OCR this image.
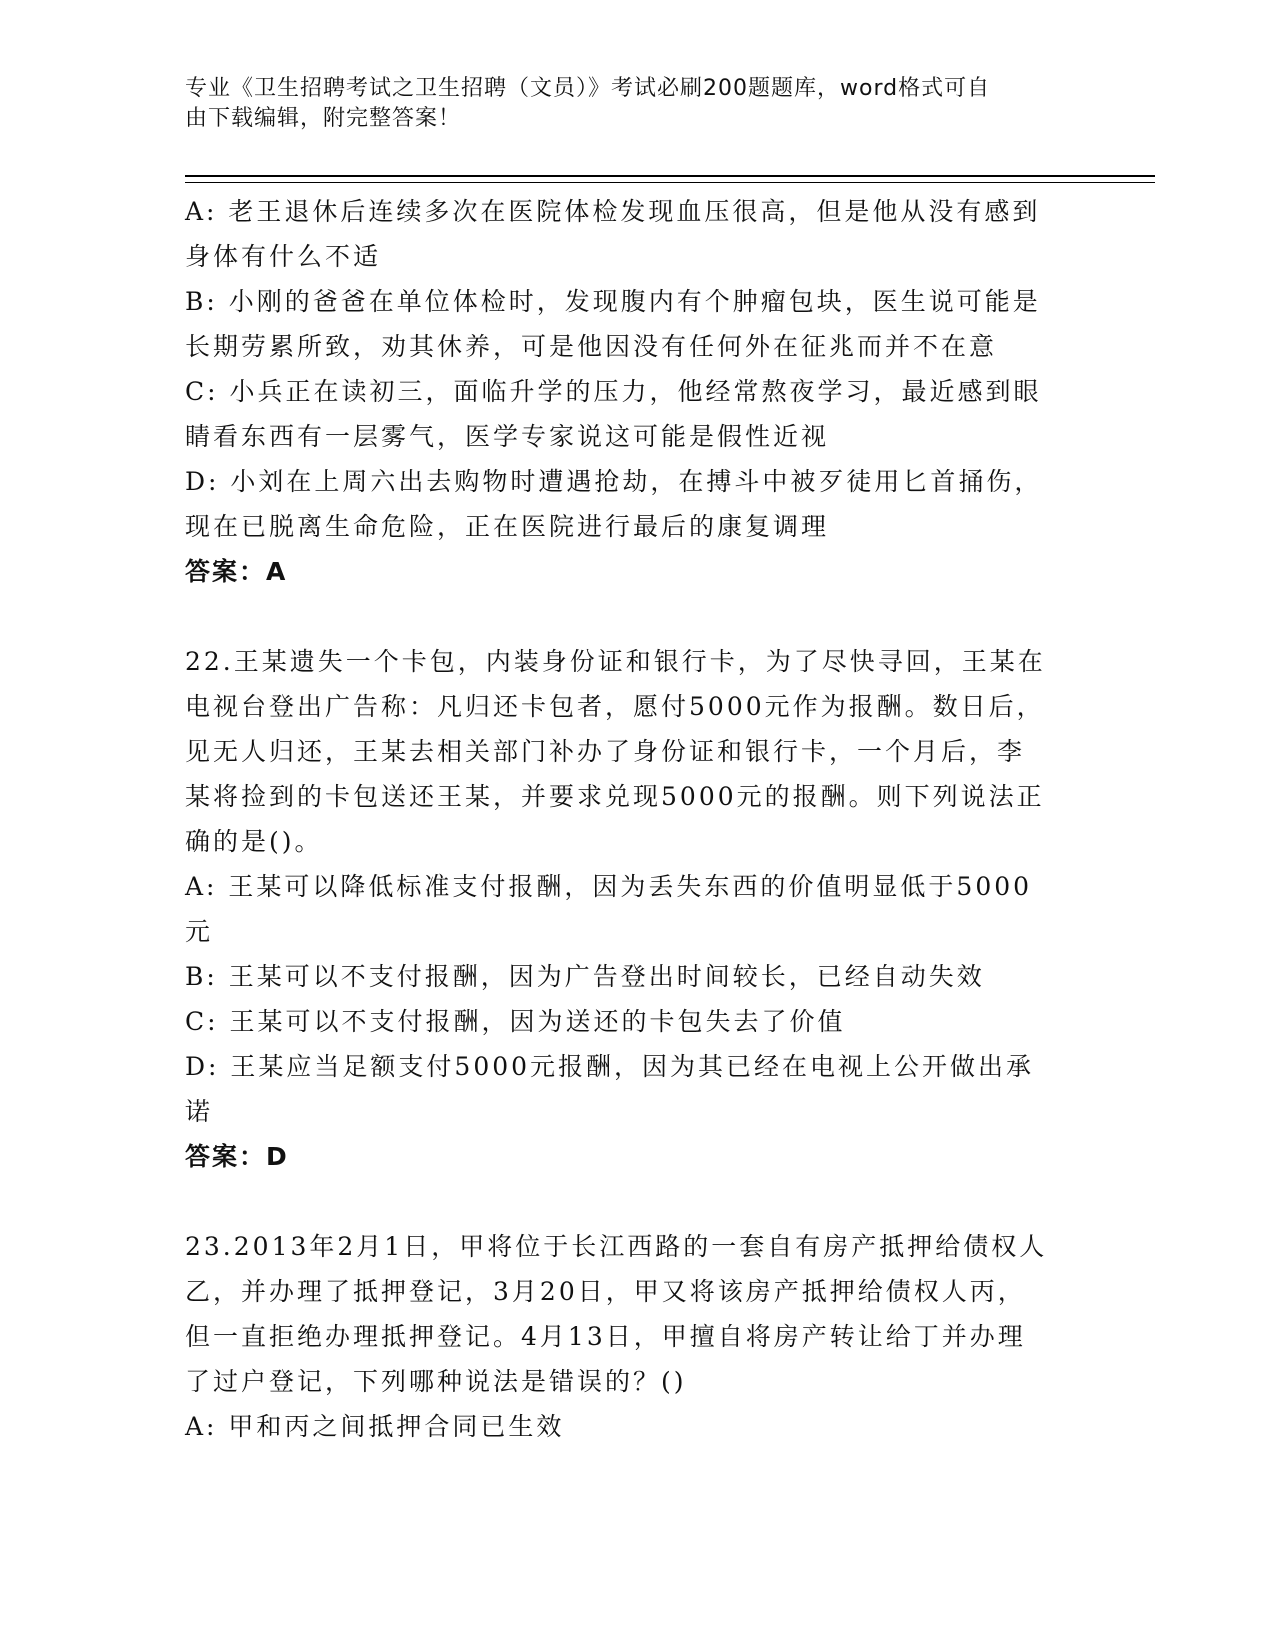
专业《卫生招聘考试之卫生招聘（文员）》考试必刷200题题库，word格式可自
由下载编辑，附完整答案！
A: 老王退休后连续多次在医院体检发现血压很高，但是他从没有感到
身体有什么不适
B: 小刚的爸爸在单位体检时，发现腹内有个肿瘤包块，医生说可能是
长期劳累所致，劝其休养，可是他因没有任何外在征兆而并不在意
C: 小兵正在读初三，面临升学的压力，他经常熬夜学习，最近感到眼
睛看东西有一层雾气，医学专家说这可能是假性近视
D: 小刘在上周六出去购物时遭遇抢劫，在搏斗中被歹徒用匕首捅伤，
现在已脱离生命危险，正在医院进行最后的康复调理
答案：A
22.王某遗失一个卡包，内装身份证和银行卡，为了尽快寻回，王某在
电视台登出广告称：凡归还卡包者，愿付5000元作为报酬。数日后，
见无人归还，王某去相关部门补办了身份证和银行卡，一个月后，李
某将捡到的卡包送还王某，并要求兑现5000元的报酬。则下列说法正
确的是()。
A: 王某可以降低标准支付报酬，因为丢失东西的价值明显低于5000
元
B: 王某可以不支付报酬，因为广告登出时间较长，已经自动失效
C: 王某可以不支付报酬，因为送还的卡包失去了价值
D: 王某应当足额支付5000元报酬，因为其已经在电视上公开做出承
诺
答案：D
23.2013年2月1日，甲将位于长江西路的一套自有房产抵押给债权人
乙，并办理了抵押登记，3月20日，甲又将该房产抵押给债权人丙，
但一直拒绝办理抵押登记。4月13日，甲擅自将房产转让给丁并办理
了过户登记，下列哪种说法是错误的？()
A: 甲和丙之间抵押合同已生效
